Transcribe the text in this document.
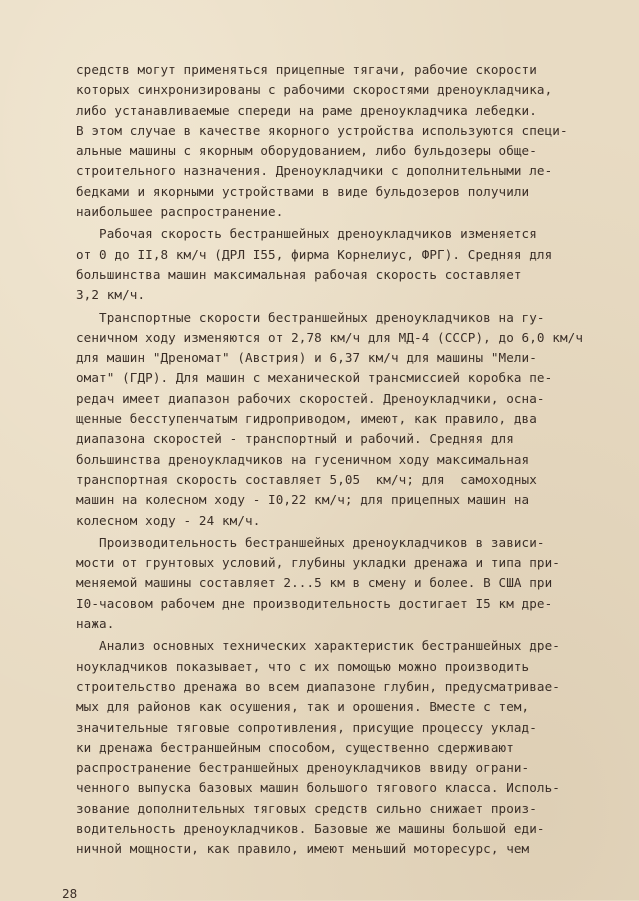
средств могут применяться прицепные тягачи, рабочие скорости
которых синхронизированы с рабочими скоростями дреноукладчика,
либо устанавливаемые спереди на раме дреноукладчика лебедки.
В этом случае в качестве якорного устройства используются специ-
альные машины с якорным оборудованием, либо бульдозеры обще-
строительного назначения. Дреноукладчики с дополнительными ле-
бедками и якорными устройствами в виде бульдозеров получили
наибольшее распространение.
Рабочая скорость бестраншейных дреноукладчиков изменяется
от 0 до II,8 км/ч (ДРЛ I55, фирма Корнелиус, ФРГ). Средняя для
большинства машин максимальная рабочая скорость составляет
3,2 км/ч.
Транспортные скорости бестраншейных дреноукладчиков на гу-
сеничном ходу изменяются от 2,78 км/ч для МД-4 (СССР), до 6,0 км/ч
для машин "Дреномат" (Австрия) и 6,37 км/ч для машины "Мели-
омат" (ГДР). Для машин с механической трансмиссией коробка пе-
редач имеет диапазон рабочих скоростей. Дреноукладчики, осна-
щенные бесступенчатым гидроприводом, имеют, как правило, два
диапазона скоростей - транспортный и рабочий. Средняя для
большинства дреноукладчиков на гусеничном ходу максимальная
транспортная скорость составляет 5,05  км/ч; для  самоходных
машин на колесном ходу - I0,22 км/ч; для прицепных машин на
колесном ходу - 24 км/ч.
Производительность бестраншейных дреноукладчиков в зависи-
мости от грунтовых условий, глубины укладки дренажа и типа при-
меняемой машины составляет 2...5 км в смену и более. В США при
I0-часовом рабочем дне производительность достигает I5 км дре-
нажа.
Анализ основных технических характеристик бестраншейных дре-
ноукладчиков показывает, что с их помощью можно производить
строительство дренажа во всем диапазоне глубин, предусматривае-
мых для районов как осушения, так и орошения. Вместе с тем,
значительные тяговые сопротивления, присущие процессу уклад-
ки дренажа бестраншейным способом, существенно сдерживают
распространение бестраншейных дреноукладчиков ввиду ограни-
ченного выпуска базовых машин большого тягового класса. Исполь-
зование дополнительных тяговых средств сильно снижает произ-
водительность дреноукладчиков. Базовые же машины большой еди-
ничной мощности, как правило, имеют меньший моторесурс, чем
28
